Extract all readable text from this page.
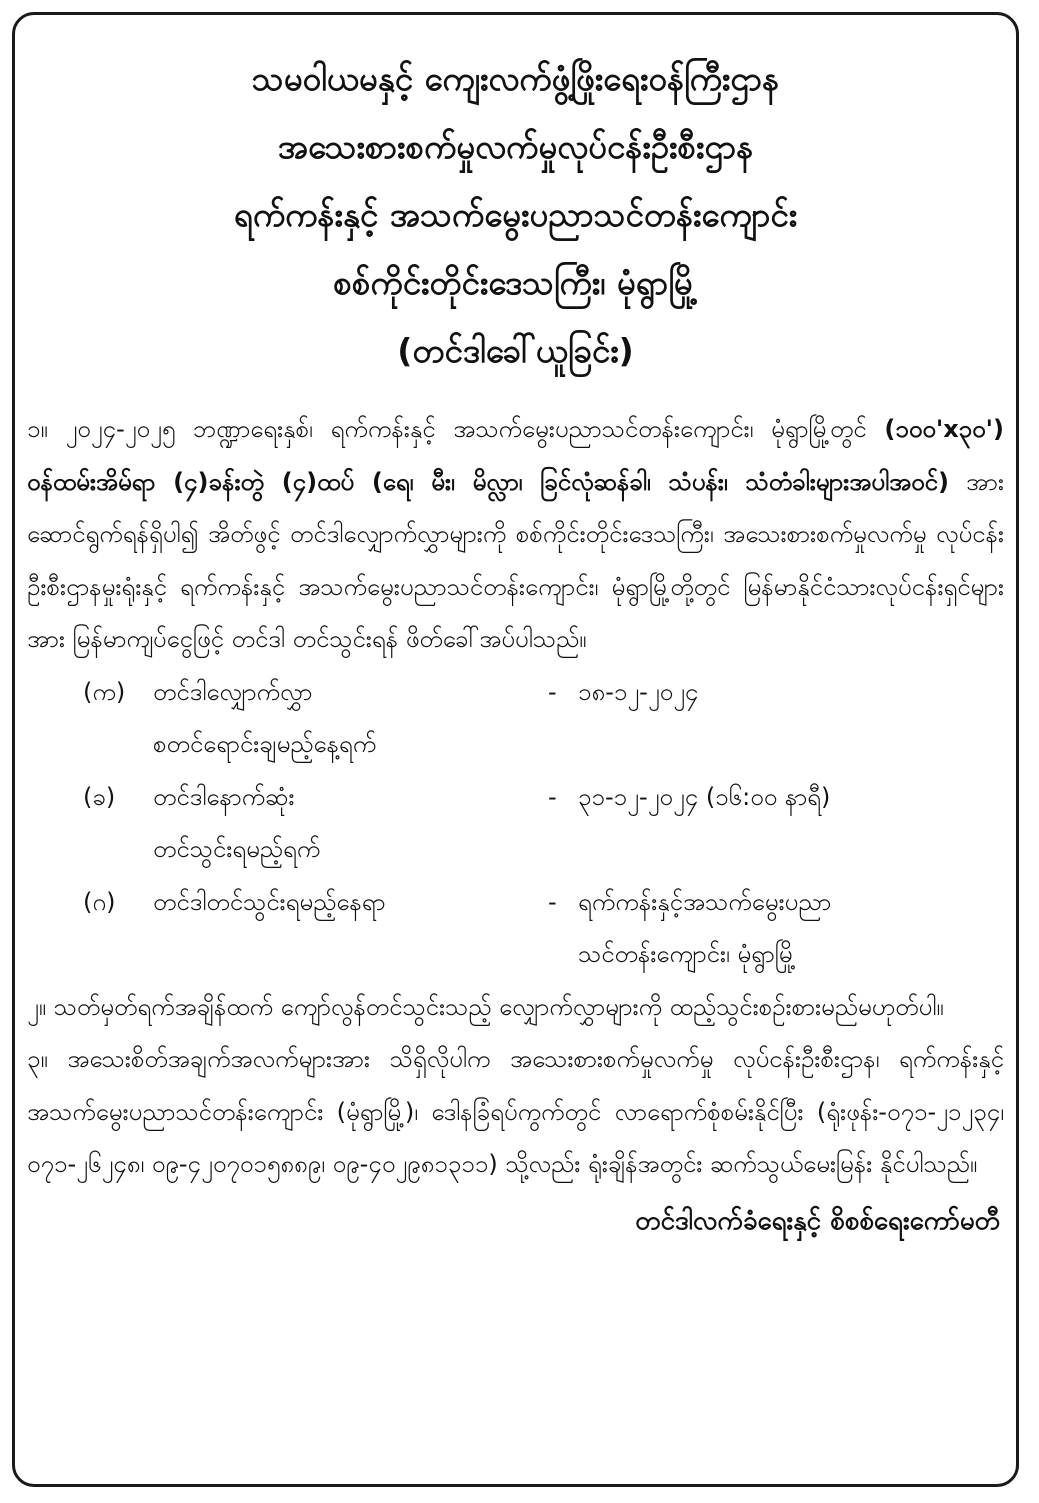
သမဝါယမနှင့် ကျေးလက်ဖွံ့ဖြိုးရေးဝန်ကြီးဌာန
အသေးစားစက်မှုလက်မှုလုပ်ငန်းဦးစီးဌာန
ရက်ကန်းနှင့် အသက်မွေးပညာသင်တန်းကျောင်း
စစ်ကိုင်းတိုင်းဒေသကြီး၊ မုံရွာမြို့
(တင်ဒါခေါ်ယူခြင်း)
၁။ ၂၀၂၄-၂၀၂၅ ဘဏ္ဍာရေးနှစ်၊ ရက်ကန်းနှင့် အသက်မွေးပညာသင်တန်းကျောင်း၊ မုံရွာမြို့တွင် (၁၀၀'x၃၀') ဝန်ထမ်းအိမ်ရာ (၄)ခန်းတွဲ (၄)ထပ် (ရေ၊ မီး၊ မိလ္လာ၊ ခြင်လုံဆန်ခါ၊ သံပန်း၊ သံတံခါးများအပါအဝင်) အား ဆောင်ရွက်ရန်ရှိပါ၍ အိတ်ဖွင့် တင်ဒါလျှောက်လွှာများကို စစ်ကိုင်းတိုင်းဒေသကြီး၊ အသေးစားစက်မှုလက်မှု လုပ်ငန်းဦးစီးဌာနမှုးရုံးနှင့် ရက်ကန်းနှင့် အသက်မွေးပညာသင်တန်းကျောင်း၊ မုံရွာမြို့တို့တွင် မြန်မာနိုင်ငံသားလုပ်ငန်းရှင်များအား မြန်မာကျပ်ငွေဖြင့် တင်ဒါ တင်သွင်းရန် ဖိတ်ခေါ်အပ်ပါသည်။
(က)	တင်ဒါလျှောက်လွှာ
စတင်ရောင်းချမည့်နေ့ရက်
- ၁၈-၁၂-၂၀၂၄
(ခ)	တင်ဒါနောက်ဆုံး
တင်သွင်းရမည့်ရက်
- ၃၁-၁၂-၂၀၂၄ (၁၆:၀၀ နာရီ)
(ဂ)	တင်ဒါတင်သွင်းရမည့်နေရာ	- ရက်ကန်းနှင့်အသက်မွေးပညာ
သင်တန်းကျောင်း၊ မုံရွာမြို့
၂။ သတ်မှတ်ရက်အချိန်ထက် ကျော်လွန်တင်သွင်းသည့် လျှောက်လွှာများကို ထည့်သွင်းစဉ်းစားမည်မဟုတ်ပါ။
၃။ အသေးစိတ်အချက်အလက်များအား သိရှိလိုပါက အသေးစားစက်မှုလက်မှု လုပ်ငန်းဦးစီးဌာန၊ ရက်ကန်းနှင့် အသက်မွေးပညာသင်တန်းကျောင်း (မုံရွာမြို့)၊ ဒေါနခြံရပ်ကွက်တွင် လာရောက်စုံစမ်းနိုင်ပြီး (ရုံးဖုန်း-၀၇၁-၂၁၂၃၄၊ ၀၇၁-၂၆၂၄၈၊ ၀၉-၄၂၀၇၀၁၅၈၈၉၊ ၀၉-၄၀၂၉၈၁၃၁၁) သို့လည်း ရုံးချိန်အတွင်း ဆက်သွယ်မေးမြန်း နိုင်ပါသည်။
တင်ဒါလက်ခံရေးနှင့် စိစစ်ရေးကော်မတီ
